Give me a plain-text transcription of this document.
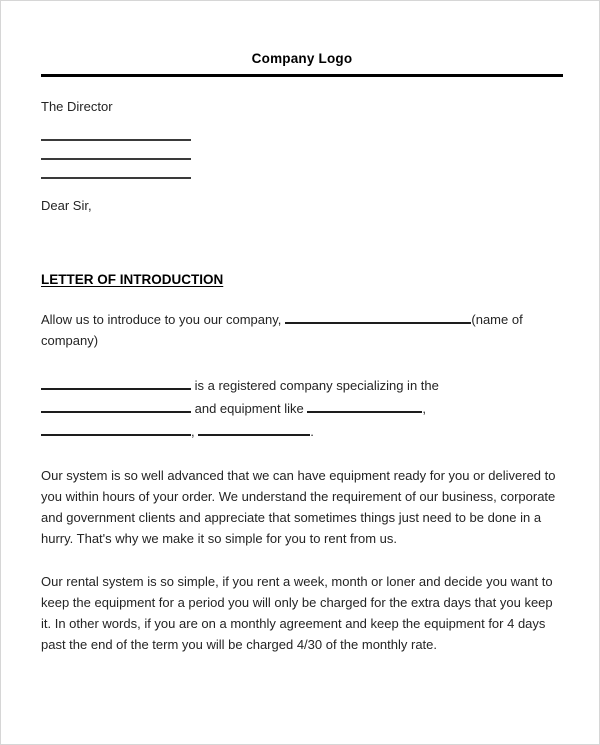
Company Logo
The Director
Dear Sir,
LETTER OF INTRODUCTION
Allow us to introduce to you our company,	(name of
company)
is a registered company specializing in the
and equipment like	,
,	.
Our system is so well advanced that we can have equipment ready for you or delivered to you within hours of your order. We understand the requirement of our business, corporate and government clients and appreciate that sometimes things just need to be done in a hurry. That's why we make it so simple for you to rent from us.
Our rental system is so simple, if you rent a week, month or loner and decide you want to keep the equipment for a period you will only be charged for the extra days that you keep it. In other words, if you are on a monthly agreement and keep the equipment for 4 days past the end of the term you will be charged 4/30 of the monthly rate.
